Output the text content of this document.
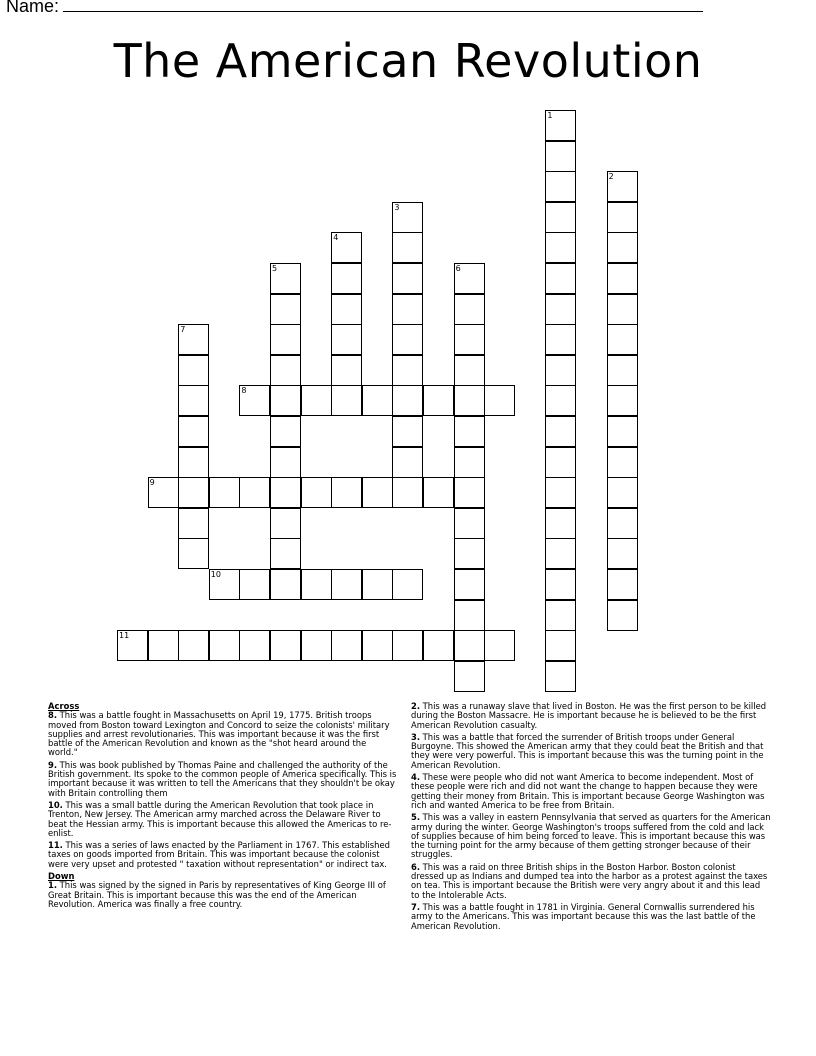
Name:
The American Revolution
1
2
3
4
5	6
7
8
9
10
11
Across
8. This was a battle fought in Massachusetts on April 19, 1775. British troops moved from Boston toward Lexington and Concord to seize the colonists' military supplies and arrest revolutionaries. This was important because it was the first battle of the American Revolution and known as the "shot heard around the world."
9. This was book published by Thomas Paine and challenged the authority of the British government. Its spoke to the common people of America specifically. This is important because it was written to tell the Americans that they shouldn't be okay with Britain controlling them
10. This was a small battle during the American Revolution that took place in Trenton, New Jersey. The American army marched across the Delaware River to beat the Hessian army. This is important because this allowed the Americas to re-enlist.
11. This was a series of laws enacted by the Parliament in 1767. This established taxes on goods imported from Britain. This was important because the colonist were very upset and protested " taxation without representation" or indirect tax.
Down
1. This was signed by the signed in Paris by representatives of King George III of Great Britain. This is important because this was the end of the American Revolution. America was finally a free country.
2. This was a runaway slave that lived in Boston. He was the first person to be killed during the Boston Massacre. He is important because he is believed to be the first American Revolution casualty.
3. This was a battle that forced the surrender of British troops under General Burgoyne. This showed the American army that they could beat the British and that they were very powerful. This is important because this was the turning point in the American Revolution.
4. These were people who did not want America to become independent. Most of these people were rich and did not want the change to happen because they were getting their money from Britain. This is important because George Washington was rich and wanted America to be free from Britain.
5. This was a valley in eastern Pennsylvania that served as quarters for the American army during the winter. George Washington's troops suffered from the cold and lack of supplies because of him being forced to leave. This is important because this was the turning point for the army because of them getting stronger because of their struggles.
6. This was a raid on three British ships in the Boston Harbor. Boston colonist dressed up as Indians and dumped tea into the harbor as a protest against the taxes on tea. This is important because the British were very angry about it and this lead to the Intolerable Acts.
7. This was a battle fought in 1781 in Virginia. General Cornwallis surrendered his army to the Americans. This was important because this was the last battle of the American Revolution.
